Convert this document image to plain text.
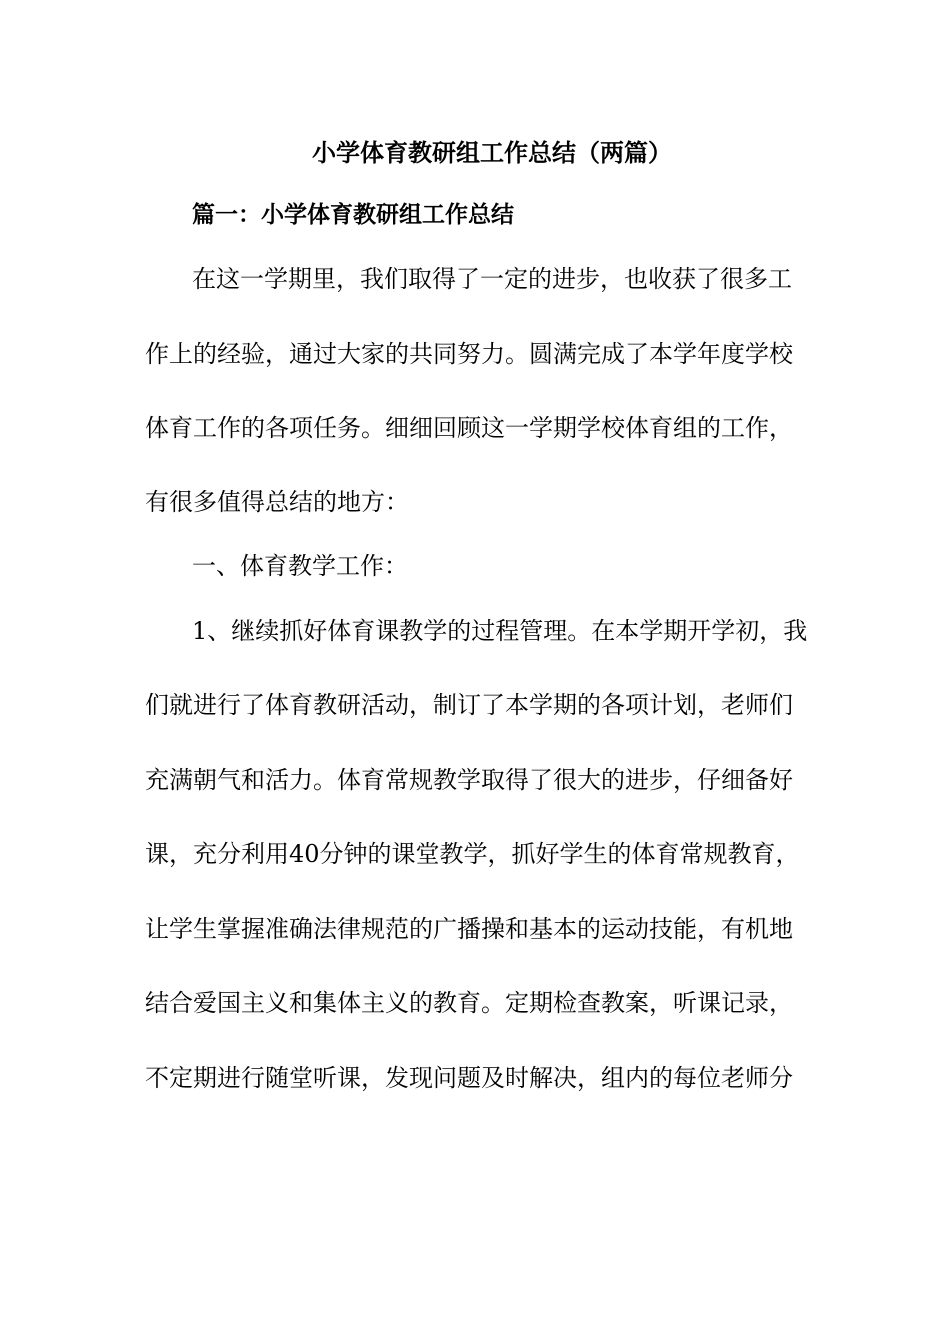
小学体育教研组工作总结（两篇）
篇一：小学体育教研组工作总结
在这一学期里，我们取得了一定的进步，也收获了很多工
作上的经验，通过大家的共同努力。圆满完成了本学年度学校
体育工作的各项任务。细细回顾这一学期学校体育组的工作，
有很多值得总结的地方：
一、体育教学工作：
1、继续抓好体育课教学的过程管理。在本学期开学初，我
们就进行了体育教研活动，制订了本学期的各项计划，老师们
充满朝气和活力。体育常规教学取得了很大的进步，仔细备好
课，充分利用40分钟的课堂教学，抓好学生的体育常规教育，
让学生掌握准确法律规范的广播操和基本的运动技能，有机地
结合爱国主义和集体主义的教育。定期检查教案，听课记录，
不定期进行随堂听课，发现问题及时解决，组内的每位老师分
